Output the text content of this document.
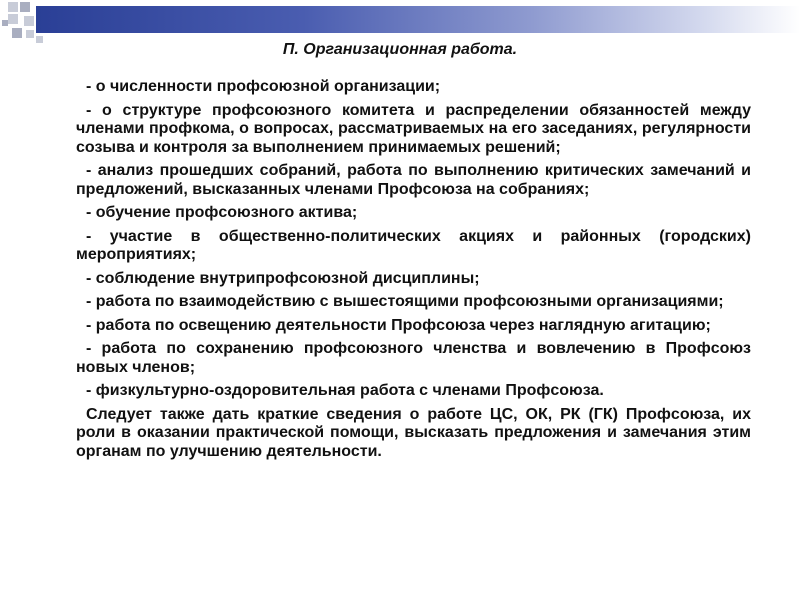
П. Организационная работа.

- о численности профсоюзной организации;

- о структуре профсоюзного комитета и распределении обязанностей между членами профкома, о вопросах, рассматриваемых на его заседаниях, регулярности созыва и контроля за выполнением принимаемых решений;

- анализ прошедших собраний, работа по выполнению критических замечаний и предложений, высказанных членами Профсоюза на собраниях;

- обучение профсоюзного актива;

- участие в общественно-политических акциях и районных (городских) мероприятиях;

- соблюдение внутрипрофсоюзной дисциплины;

- работа по взаимодействию с вышестоящими профсоюзными организациями;

- работа по освещению деятельности Профсоюза через наглядную агитацию;

- работа по сохранению профсоюзного членства и вовлечению в Профсоюз новых членов;

- физкультурно-оздоровительная работа с членами Профсоюза.

Следует также дать краткие сведения о работе ЦС, ОК, РК (ГК) Профсоюза, их роли в оказании практической помощи, высказать предложения и замечания этим органам по улучшению деятельности.
